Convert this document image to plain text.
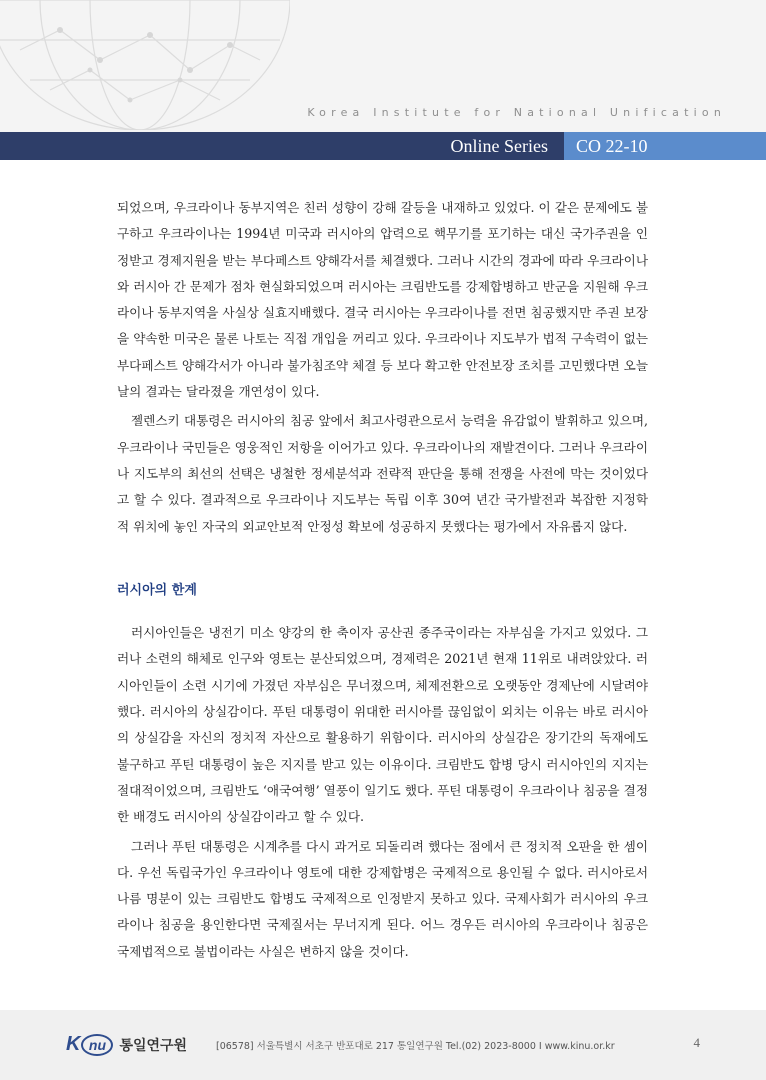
Korea Institute for National Unification
Online Series CO 22-10

되었으며, 우크라이나 동부지역은 친러 성향이 강해 갈등을 내재하고 있었다. 이 같은 문제에도 불구하고 우크라이나는 1994년 미국과 러시아의 압력으로 핵무기를 포기하는 대신 국가주권을 인정받고 경제지원을 받는 부다페스트 양해각서를 체결했다. 그러나 시간의 경과에 따라 우크라이나와 러시아 간 문제가 점차 현실화되었으며 러시아는 크림반도를 강제합병하고 반군을 지원해 우크라이나 동부지역을 사실상 실효지배했다. 결국 러시아는 우크라이나를 전면 침공했지만 주권 보장을 약속한 미국은 물론 나토는 직접 개입을 꺼리고 있다. 우크라이나 지도부가 법적 구속력이 없는 부다페스트 양해각서가 아니라 불가침조약 체결 등 보다 확고한 안전보장 조치를 고민했다면 오늘날의 결과는 달라졌을 개연성이 있다.

젤렌스키 대통령은 러시아의 침공 앞에서 최고사령관으로서 능력을 유감없이 발휘하고 있으며, 우크라이나 국민들은 영웅적인 저항을 이어가고 있다. 우크라이나의 재발견이다. 그러나 우크라이나 지도부의 최선의 선택은 냉철한 정세분석과 전략적 판단을 통해 전쟁을 사전에 막는 것이었다고 할 수 있다. 결과적으로 우크라이나 지도부는 독립 이후 30여 년간 국가발전과 복잡한 지정학적 위치에 놓인 자국의 외교안보적 안정성 확보에 성공하지 못했다는 평가에서 자유롭지 않다.

러시아의 한계

러시아인들은 냉전기 미소 양강의 한 축이자 공산권 종주국이라는 자부심을 가지고 있었다. 그러나 소련의 해체로 인구와 영토는 분산되었으며, 경제력은 2021년 현재 11위로 내려앉았다. 러시아인들이 소련 시기에 가졌던 자부심은 무너졌으며, 체제전환으로 오랫동안 경제난에 시달려야 했다. 러시아의 상실감이다. 푸틴 대통령이 위대한 러시아를 끊임없이 외치는 이유는 바로 러시아의 상실감을 자신의 정치적 자산으로 활용하기 위함이다. 러시아의 상실감은 장기간의 독재에도 불구하고 푸틴 대통령이 높은 지지를 받고 있는 이유이다. 크림반도 합병 당시 러시아인의 지지는 절대적이었으며, 크림반도 ‘애국여행’ 열풍이 일기도 했다. 푸틴 대통령이 우크라이나 침공을 결정한 배경도 러시아의 상실감이라고 할 수 있다.

그러나 푸틴 대통령은 시계추를 다시 과거로 되돌리려 했다는 점에서 큰 정치적 오판을 한 셈이다. 우선 독립국가인 우크라이나 영토에 대한 강제합병은 국제적으로 용인될 수 없다. 러시아로서 나름 명분이 있는 크림반도 합병도 국제적으로 인정받지 못하고 있다. 국제사회가 러시아의 우크라이나 침공을 용인한다면 국제질서는 무너지게 된다. 어느 경우든 러시아의 우크라이나 침공은 국제법적으로 불법이라는 사실은 변하지 않을 것이다.

K nu 통일연구원	[06578] 서울특별시 서초구 반포대로 217 통일연구원 Tel.(02) 2023-8000 I www.kinu.or.kr	4
